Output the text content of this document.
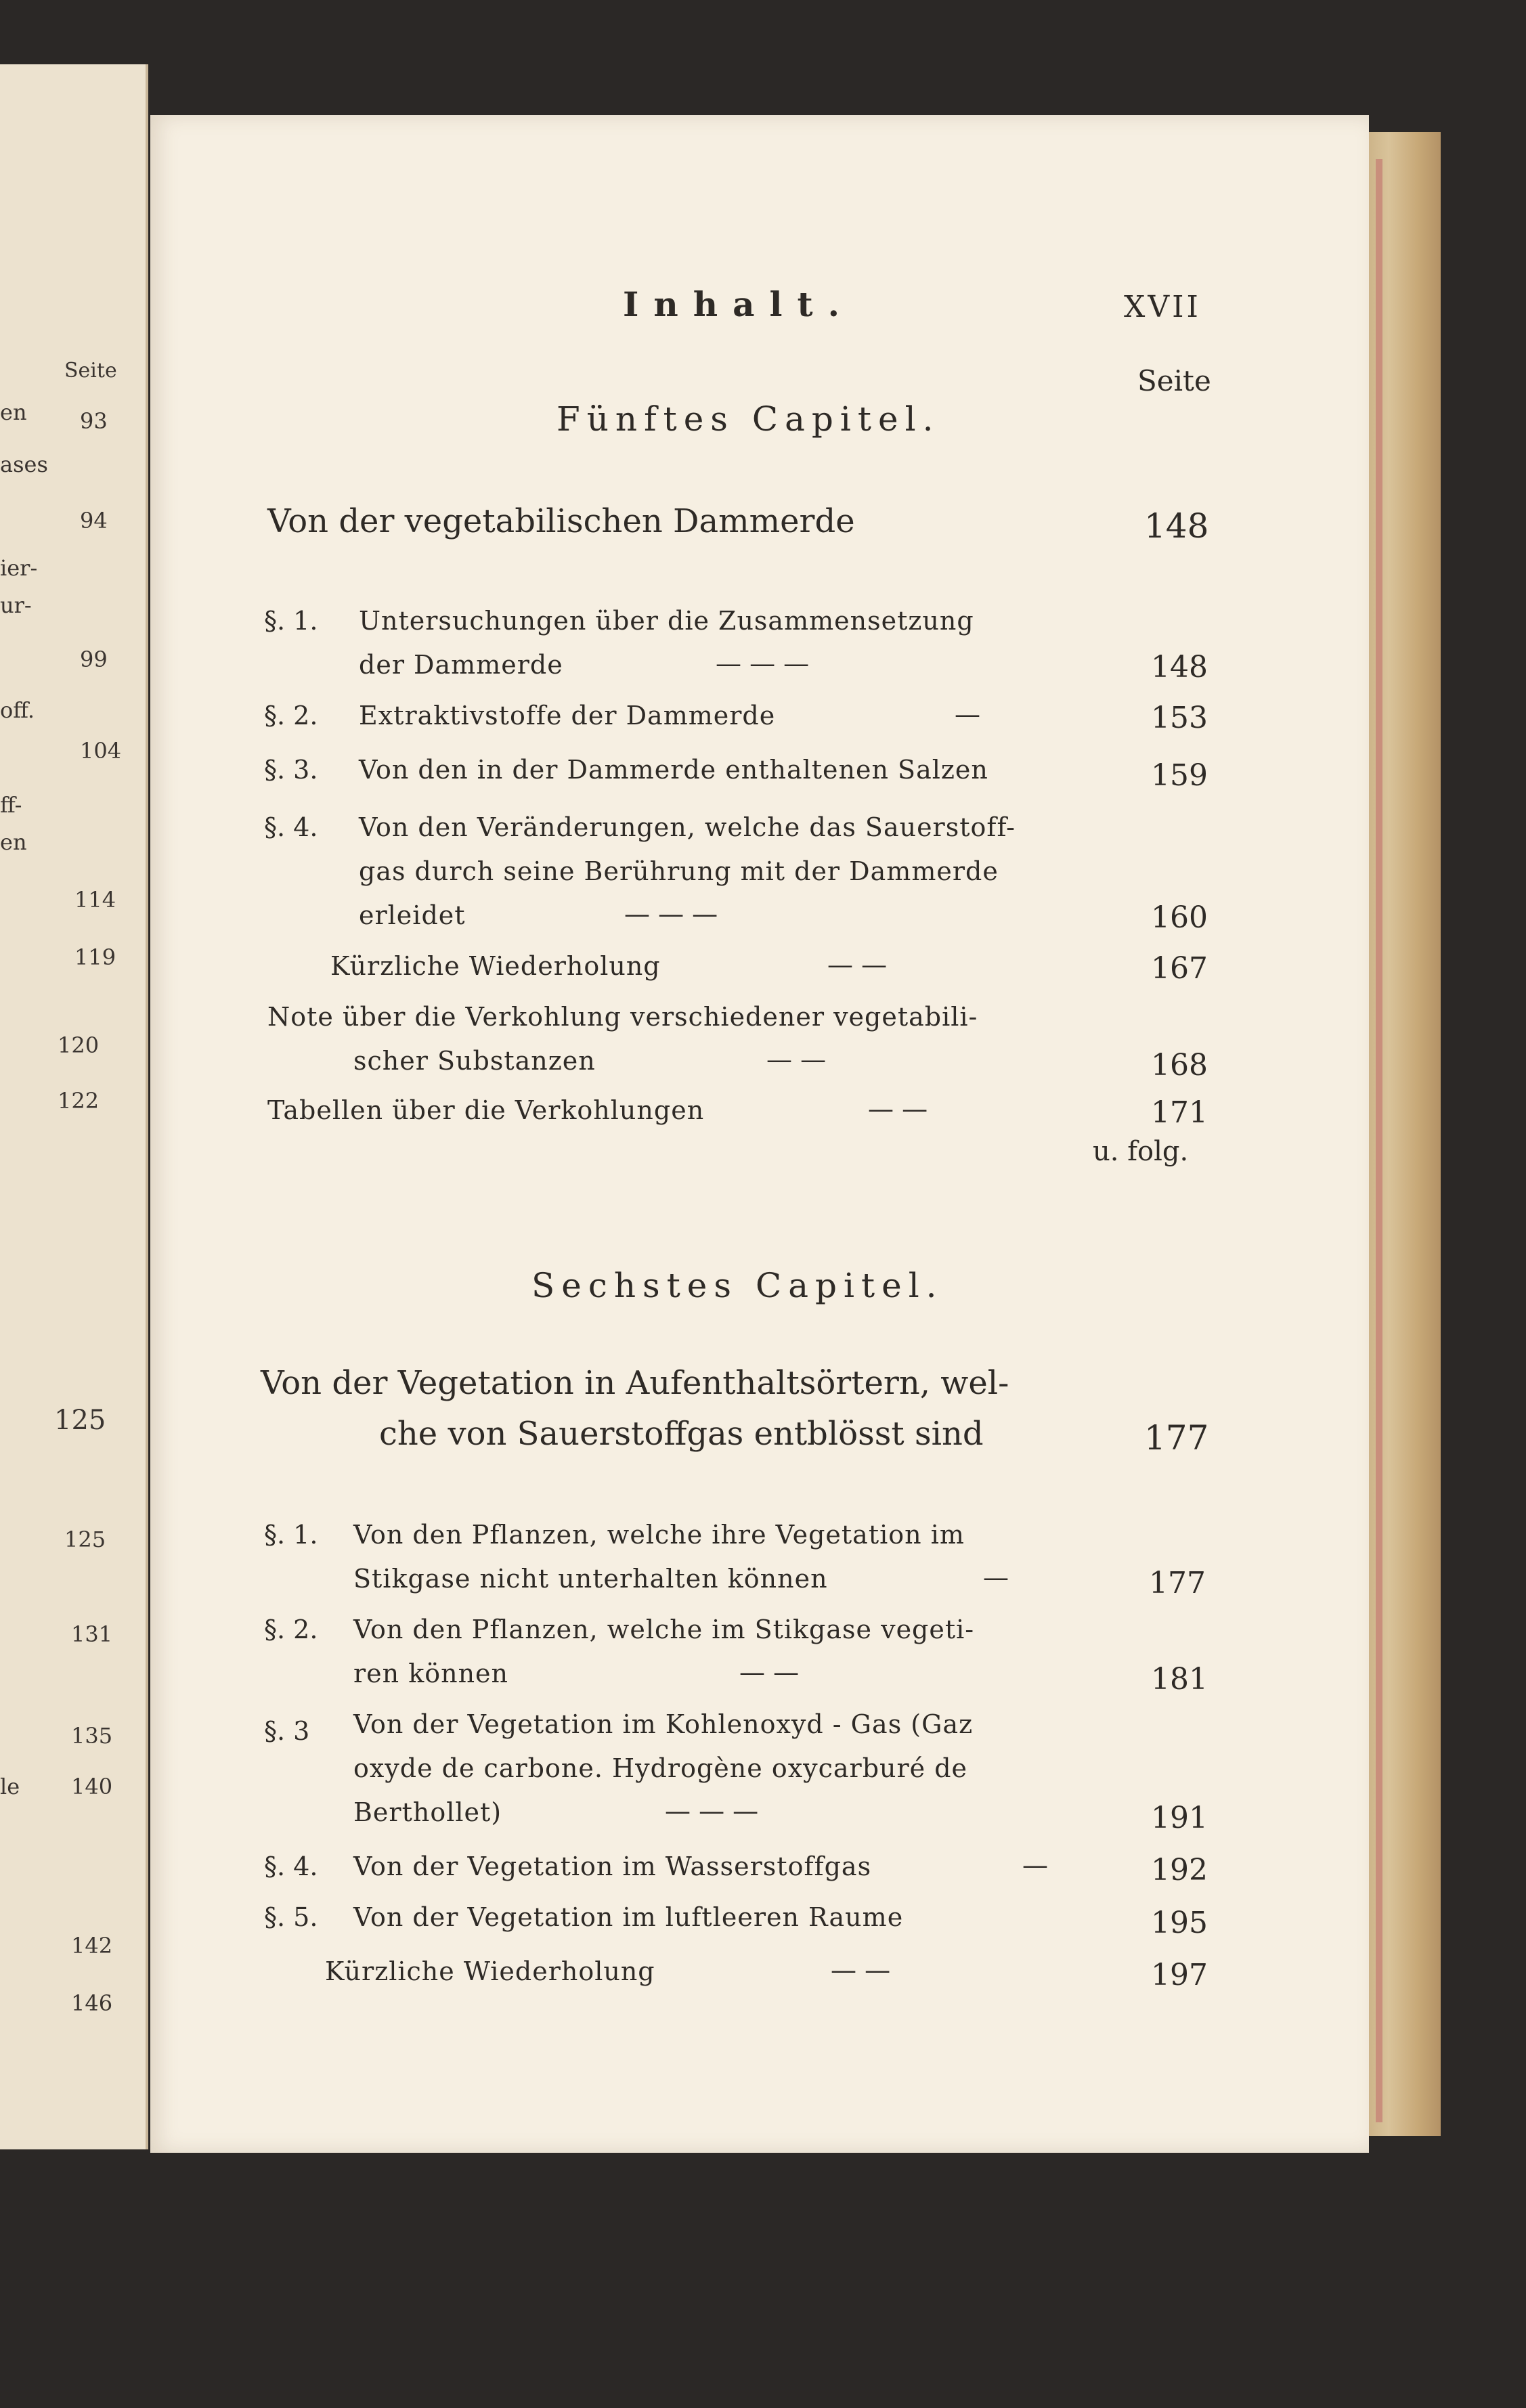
Seite
en 93
ases
94
ier-
ur-
99
off.
104
ff-
en
114
119
120
122
125
125
131
135
le 140
142
146
Inhalt.	XVII
Seite
Fünftes Capitel.
Von der vegetabilischen Dammerde	148
§. 1. Untersuchungen über die Zusammensetzung
der Dammerde	— — —	148
§. 2. Extraktivstoffe der Dammerde	—	153
§. 3. Von den in der Dammerde enthaltenen Salzen	159
§. 4. Von den Veränderungen, welche das Sauerstoff-
gas durch seine Berührung mit der Dammerde
erleidet	— — —	160
Kürzliche Wiederholung	— —	167
Note über die Verkohlung verschiedener vegetabili-
scher Substanzen	— —	168
Tabellen über die Verkohlungen	— —	171
u. folg.
Sechstes Capitel.
Von der Vegetation in Aufenthaltsörtern, wel-
che von Sauerstoffgas entblösst sind	177
§. 1. Von den Pflanzen, welche ihre Vegetation im
Stikgase nicht unterhalten können	—	177
§. 2. Von den Pflanzen, welche im Stikgase vegeti-
ren können	— —	181
§. 3 Von der Vegetation im Kohlenoxyd - Gas (Gaz
oxyde de carbone. Hydrogène oxycarburé de
Berthollet)	— — —	191
§. 4. Von der Vegetation im Wasserstoffgas	—	192
§. 5. Von der Vegetation im luftleeren Raume	195
Kürzliche Wiederholung	— —	197
